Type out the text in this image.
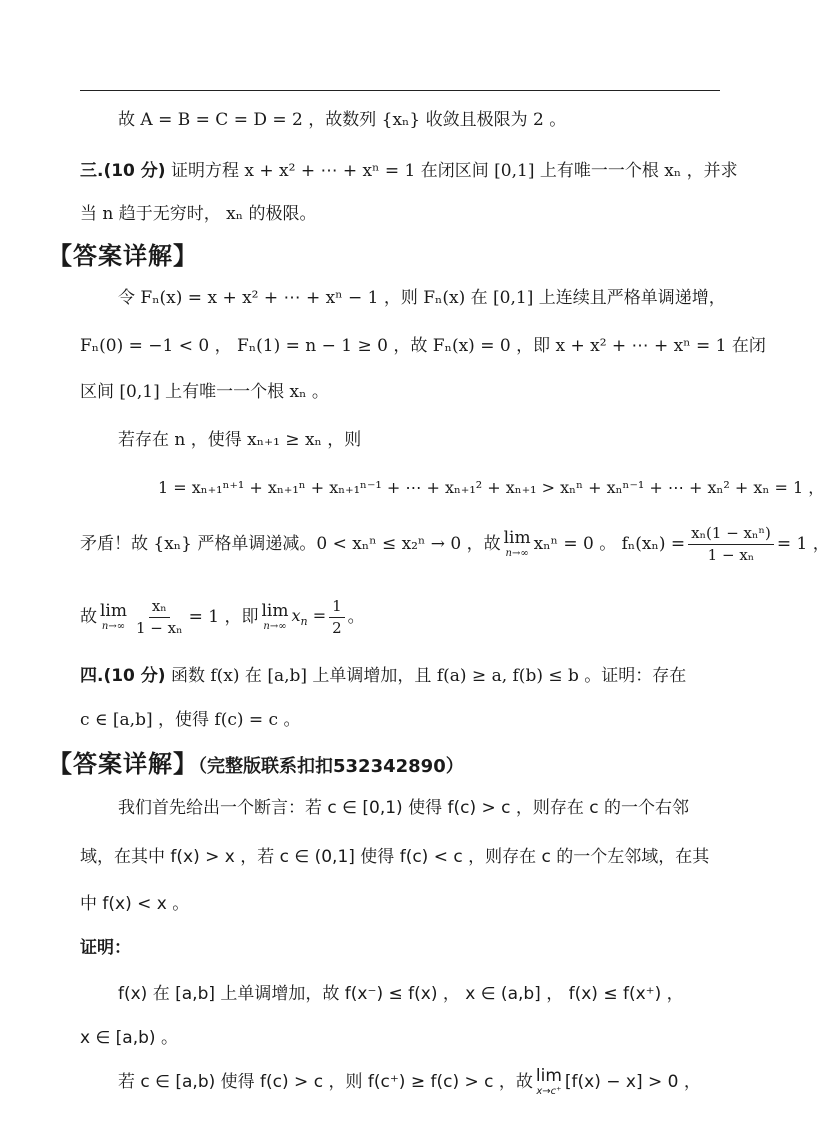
故 A = B = C = D = 2 ，故数列 {xₙ} 收敛且极限为 2 。
三.(10 分) 证明方程 x + x² + ⋯ + xⁿ = 1 在闭区间 [0,1] 上有唯一一个根 xₙ ，并求
当 n 趋于无穷时， xₙ 的极限。
【答案详解】
令 Fₙ(x) = x + x² + ⋯ + xⁿ − 1 ，则 Fₙ(x) 在 [0,1] 上连续且严格单调递增，
Fₙ(0) = −1 < 0 ， Fₙ(1) = n − 1 ≥ 0 ，故 Fₙ(x) = 0 ，即 x + x² + ⋯ + xⁿ = 1 在闭
区间 [0,1] 上有唯一一个根 xₙ 。
若存在 n ，使得 xₙ₊₁ ≥ xₙ ，则
1 = xₙ₊₁ⁿ⁺¹ + xₙ₊₁ⁿ + xₙ₊₁ⁿ⁻¹ + ⋯ + xₙ₊₁² + xₙ₊₁ > xₙⁿ + xₙⁿ⁻¹ + ⋯ + xₙ² + xₙ = 1 ，
矛盾！故 {xₙ} 严格单调递减。0 < xₙⁿ ≤ x₂ⁿ → 0 ，故 lim
n→∞ xₙⁿ = 0 。 $f_n(x_n) = \frac{\text{xₙ(1 − xₙⁿ)}}{\text{1 − xₙ}} = 1$ ，
故 lim
$n\to\infty \frac{\text{xₙ}}{\text{1 − xₙ}} = 1$ ，即 lim
n→∞
$x_n = \frac{1}{2}$ 。
四.(10 分) 函数 f(x) 在 [a,b] 上单调增加，且 f(a) ≥ a, f(b) ≤ b 。证明：存在
c ∈ [a,b] ，使得 f(c) = c 。
【答案详解】（完整版联系扣扣532342890）
我们首先给出一个断言：若 c ∈ [0,1) 使得 f(c) > c ，则存在 c 的一个右邻
域，在其中 f(x) > x ，若 c ∈ (0,1] 使得 f(c) < c ，则存在 c 的一个左邻域，在其
中 f(x) < x 。
证明：
f(x) 在 [a,b] 上单调增加，故 f(x⁻) ≤ f(x) ， x ∈ (a,b] ， f(x) ≤ f(x⁺) ，
x ∈ [a,b) 。
若 c ∈ [a,b) 使得 f(c) > c ，则 f(c⁺) ≥ f(c) > c ，故 lim
x→c⁺ [f(x) − x] > 0 ，
